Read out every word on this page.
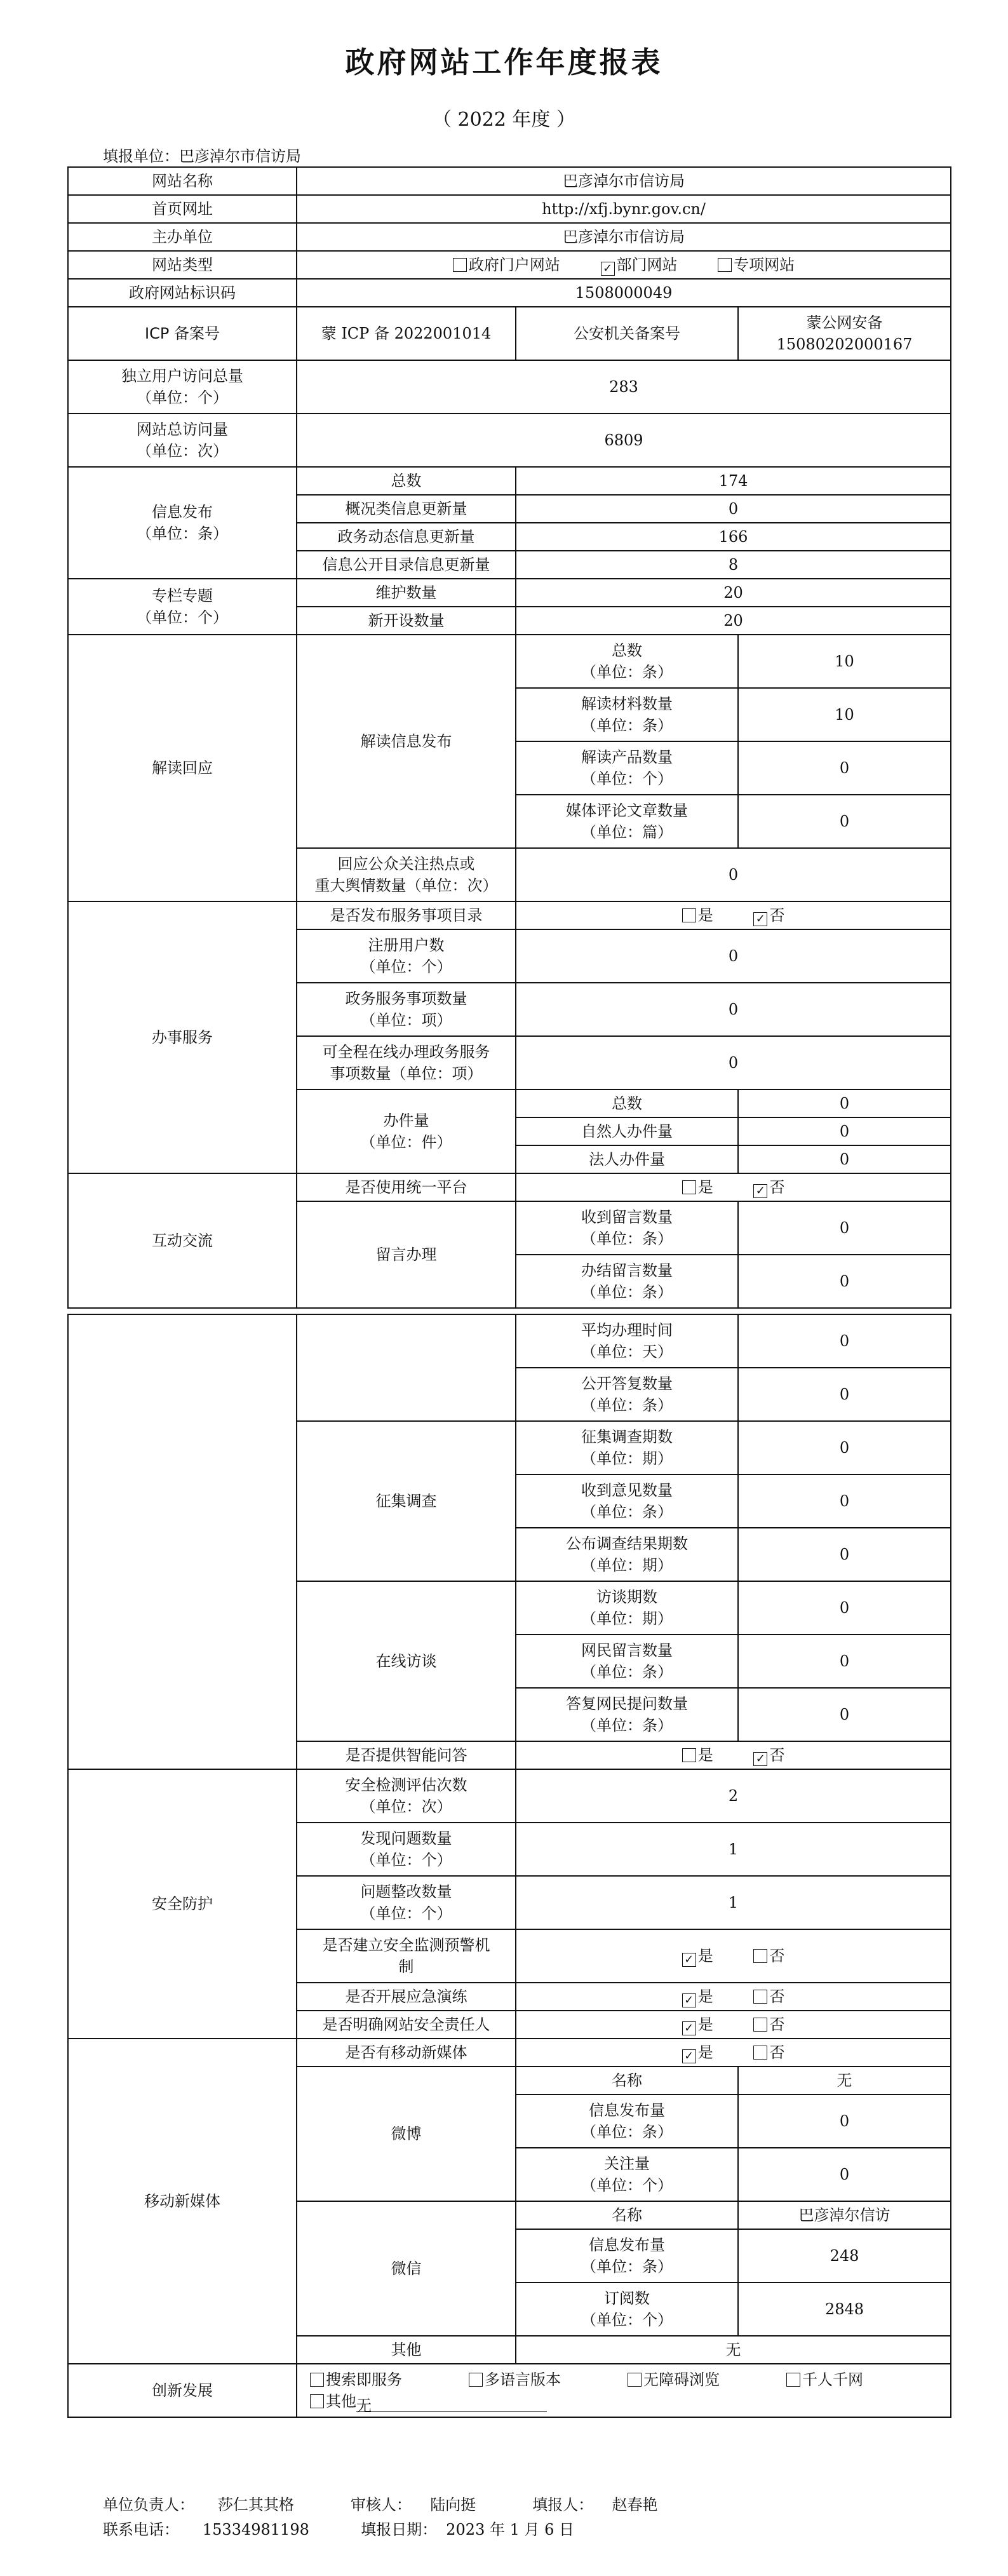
政府网站工作年度报表
（ 2022 年度 ）
填报单位：巴彦淖尔市信访局
网站名称	巴彦淖尔市信访局		
首页网址	http://xfj.bynr.gov.cn/		
主办单位	巴彦淖尔市信访局		
网站类型	政府门户网站 ✓ 部门网站 专项网站		
政府网站标识码	1508000049		
ICP 备案号	蒙 ICP 备 2022001014	公安机关备案号	蒙公网安备 15080202000167
独立用户访问总量
（单位：个）	283		
网站总访问量
（单位：次）	6809		
信息发布
（单位：条）	总数	174	
	概况类信息更新量	0	
	政务动态信息更新量	166	
	信息公开目录信息更新量	8	
专栏专题
（单位：个）	维护数量	20	
	新开设数量	20	
解读回应	解读信息发布	总数
（单位：条）	10
		解读材料数量
（单位：条）	10
		解读产品数量
（单位：个）	0
		媒体评论文章数量
（单位：篇）	0
	回应公众关注热点或
重大舆情数量（单位：次）	0	
办事服务	是否发布服务事项目录	是 ✓ 否	
	注册用户数
（单位：个）	0	
	政务服务事项数量
（单位：项）	0	
	可全程在线办理政务服务
事项数量（单位：项）	0	
	办件量
（单位：件）	总数	0
		自然人办件量	0
		法人办件量	0
互动交流	是否使用统一平台	是 ✓ 否	
	留言办理	收到留言数量
（单位：条）	0
		办结留言数量
（单位：条）	0

		平均办理时间
（单位：天）	0
		公开答复数量
（单位：条）	0
	征集调查	征集调查期数
（单位：期）	0
		收到意见数量
（单位：条）	0
		公布调查结果期数
（单位：期）	0
	在线访谈	访谈期数
（单位：期）	0
		网民留言数量
（单位：条）	0
		答复网民提问数量
（单位：条）	0
	是否提供智能问答	是 ✓ 否	
安全防护	安全检测评估次数
（单位：次）	2	
	发现问题数量
（单位：个）	1	
	问题整改数量
（单位：个）	1	
	是否建立安全监测预警机
制	✓ 是 否	
	是否开展应急演练	✓ 是 否	
	是否明确网站安全责任人	✓ 是 否	
移动新媒体	是否有移动新媒体	✓ 是 否	
	微博	名称	无
		信息发布量
（单位：条）	0
		关注量
（单位：个）	0
	微信	名称	巴彦淖尔信访
		信息发布量
（单位：条）	248
		订阅数
（单位：个）	2848
	其他	无	
创新发展	搜索即服务 多语言版本 无障碍浏览 千人千网
其他无		
单位负责人： 莎仁其其格	审核人： 陆向挺	填报人： 赵春艳
联系电话： 15334981198	填报日期： 2023 年 1 月 6 日
